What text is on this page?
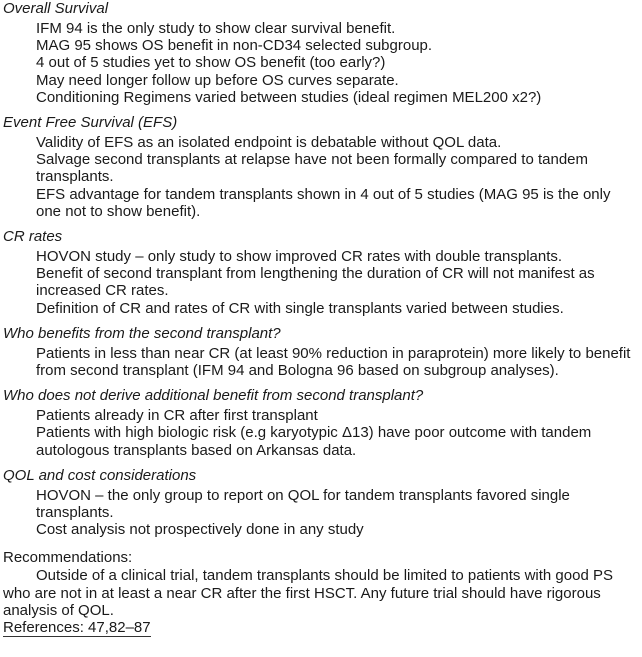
Overall Survival
IFM 94 is the only study to show clear survival benefit.
MAG 95 shows OS benefit in non-CD34 selected subgroup.
4 out of 5 studies yet to show OS benefit (too early?)
May need longer follow up before OS curves separate.
Conditioning Regimens varied between studies (ideal regimen MEL200 x2?)
Event Free Survival (EFS)
Validity of EFS as an isolated endpoint is debatable without QOL data.
Salvage second transplants at relapse have not been formally compared to tandem transplants.
EFS advantage for tandem transplants shown in 4 out of 5 studies (MAG 95 is the only one not to show benefit).
CR rates
HOVON study – only study to show improved CR rates with double transplants.
Benefit of second transplant from lengthening the duration of CR will not manifest as increased CR rates.
Definition of CR and rates of CR with single transplants varied between studies.
Who benefits from the second transplant?
Patients in less than near CR (at least 90% reduction in paraprotein) more likely to benefit from second transplant (IFM 94 and Bologna 96 based on subgroup analyses).
Who does not derive additional benefit from second transplant?
Patients already in CR after first transplant
Patients with high biologic risk (e.g karyotypic Δ13) have poor outcome with tandem autologous transplants based on Arkansas data.
QOL and cost considerations
HOVON – the only group to report on QOL for tandem transplants favored single transplants.
Cost analysis not prospectively done in any study
Recommendations:

Outside of a clinical trial, tandem transplants should be limited to patients with good PS who are not in at least a near CR after the first HSCT. Any future trial should have rigorous analysis of QOL.

References: 47,82–87
